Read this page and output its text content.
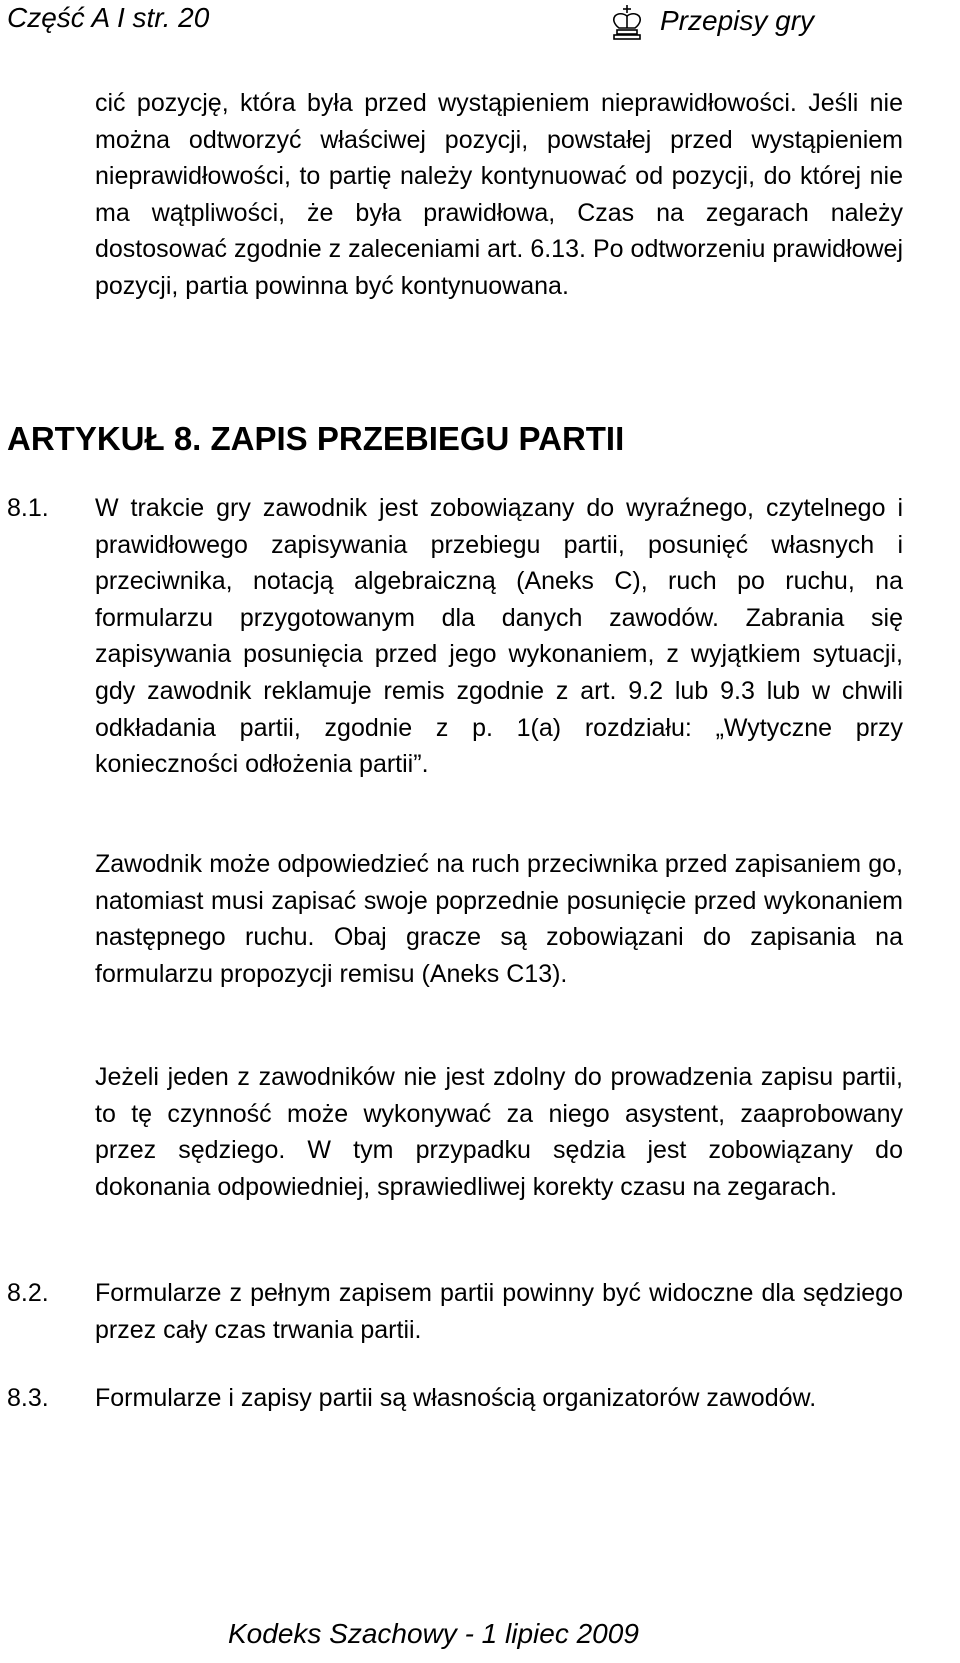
Część A I str. 20	Przepisy gry

cić pozycję, która była przed wystąpieniem nieprawidłowości. Jeśli nie można odtworzyć właściwej pozycji, powstałej przed wystąpieniem nieprawidłowości, to partię należy kontynuować od pozycji, do której nie ma wątpliwości, że była prawidłowa, Czas na zegarach należy dostosować zgodnie z zaleceniami art. 6.13. Po odtworzeniu prawidłowej pozycji, partia powinna być kontynuowana.

ARTYKUŁ 8. ZAPIS PRZEBIEGU PARTII
8.1. W trakcie gry zawodnik jest zobowiązany do wyraźnego, czytelnego i prawidłowego zapisywania przebiegu partii, posunięć własnych i przeciwnika, notacją algebraiczną (Aneks C), ruch po ruchu, na formularzu przygotowanym dla danych zawodów. Zabrania się zapisywania posunięcia przed jego wykonaniem, z wyjątkiem sytuacji, gdy zawodnik reklamuje remis zgodnie z art. 9.2 lub 9.3 lub w chwili odkładania partii, zgodnie z p. 1(a) rozdziału: „Wytyczne przy konieczności odłożenia partii”.

Zawodnik może odpowiedzieć na ruch przeciwnika przed zapisaniem go, natomiast musi zapisać swoje poprzednie posunięcie przed wykonaniem następnego ruchu. Obaj gracze są zobowiązani do zapisania na formularzu propozycji remisu (Aneks C13).

Jeżeli jeden z zawodników nie jest zdolny do prowadzenia zapisu partii, to tę czynność może wykonywać za niego asystent, zaaprobowany przez sędziego. W tym przypadku sędzia jest zobowiązany do dokonania odpowiedniej, sprawiedliwej korekty czasu na zegarach.

8.2. Formularze z pełnym zapisem partii powinny być widoczne dla sędziego przez cały czas trwania partii.

8.3. Formularze i zapisy partii są własnością organizatorów zawodów.

Kodeks Szachowy - 1 lipiec 2009
